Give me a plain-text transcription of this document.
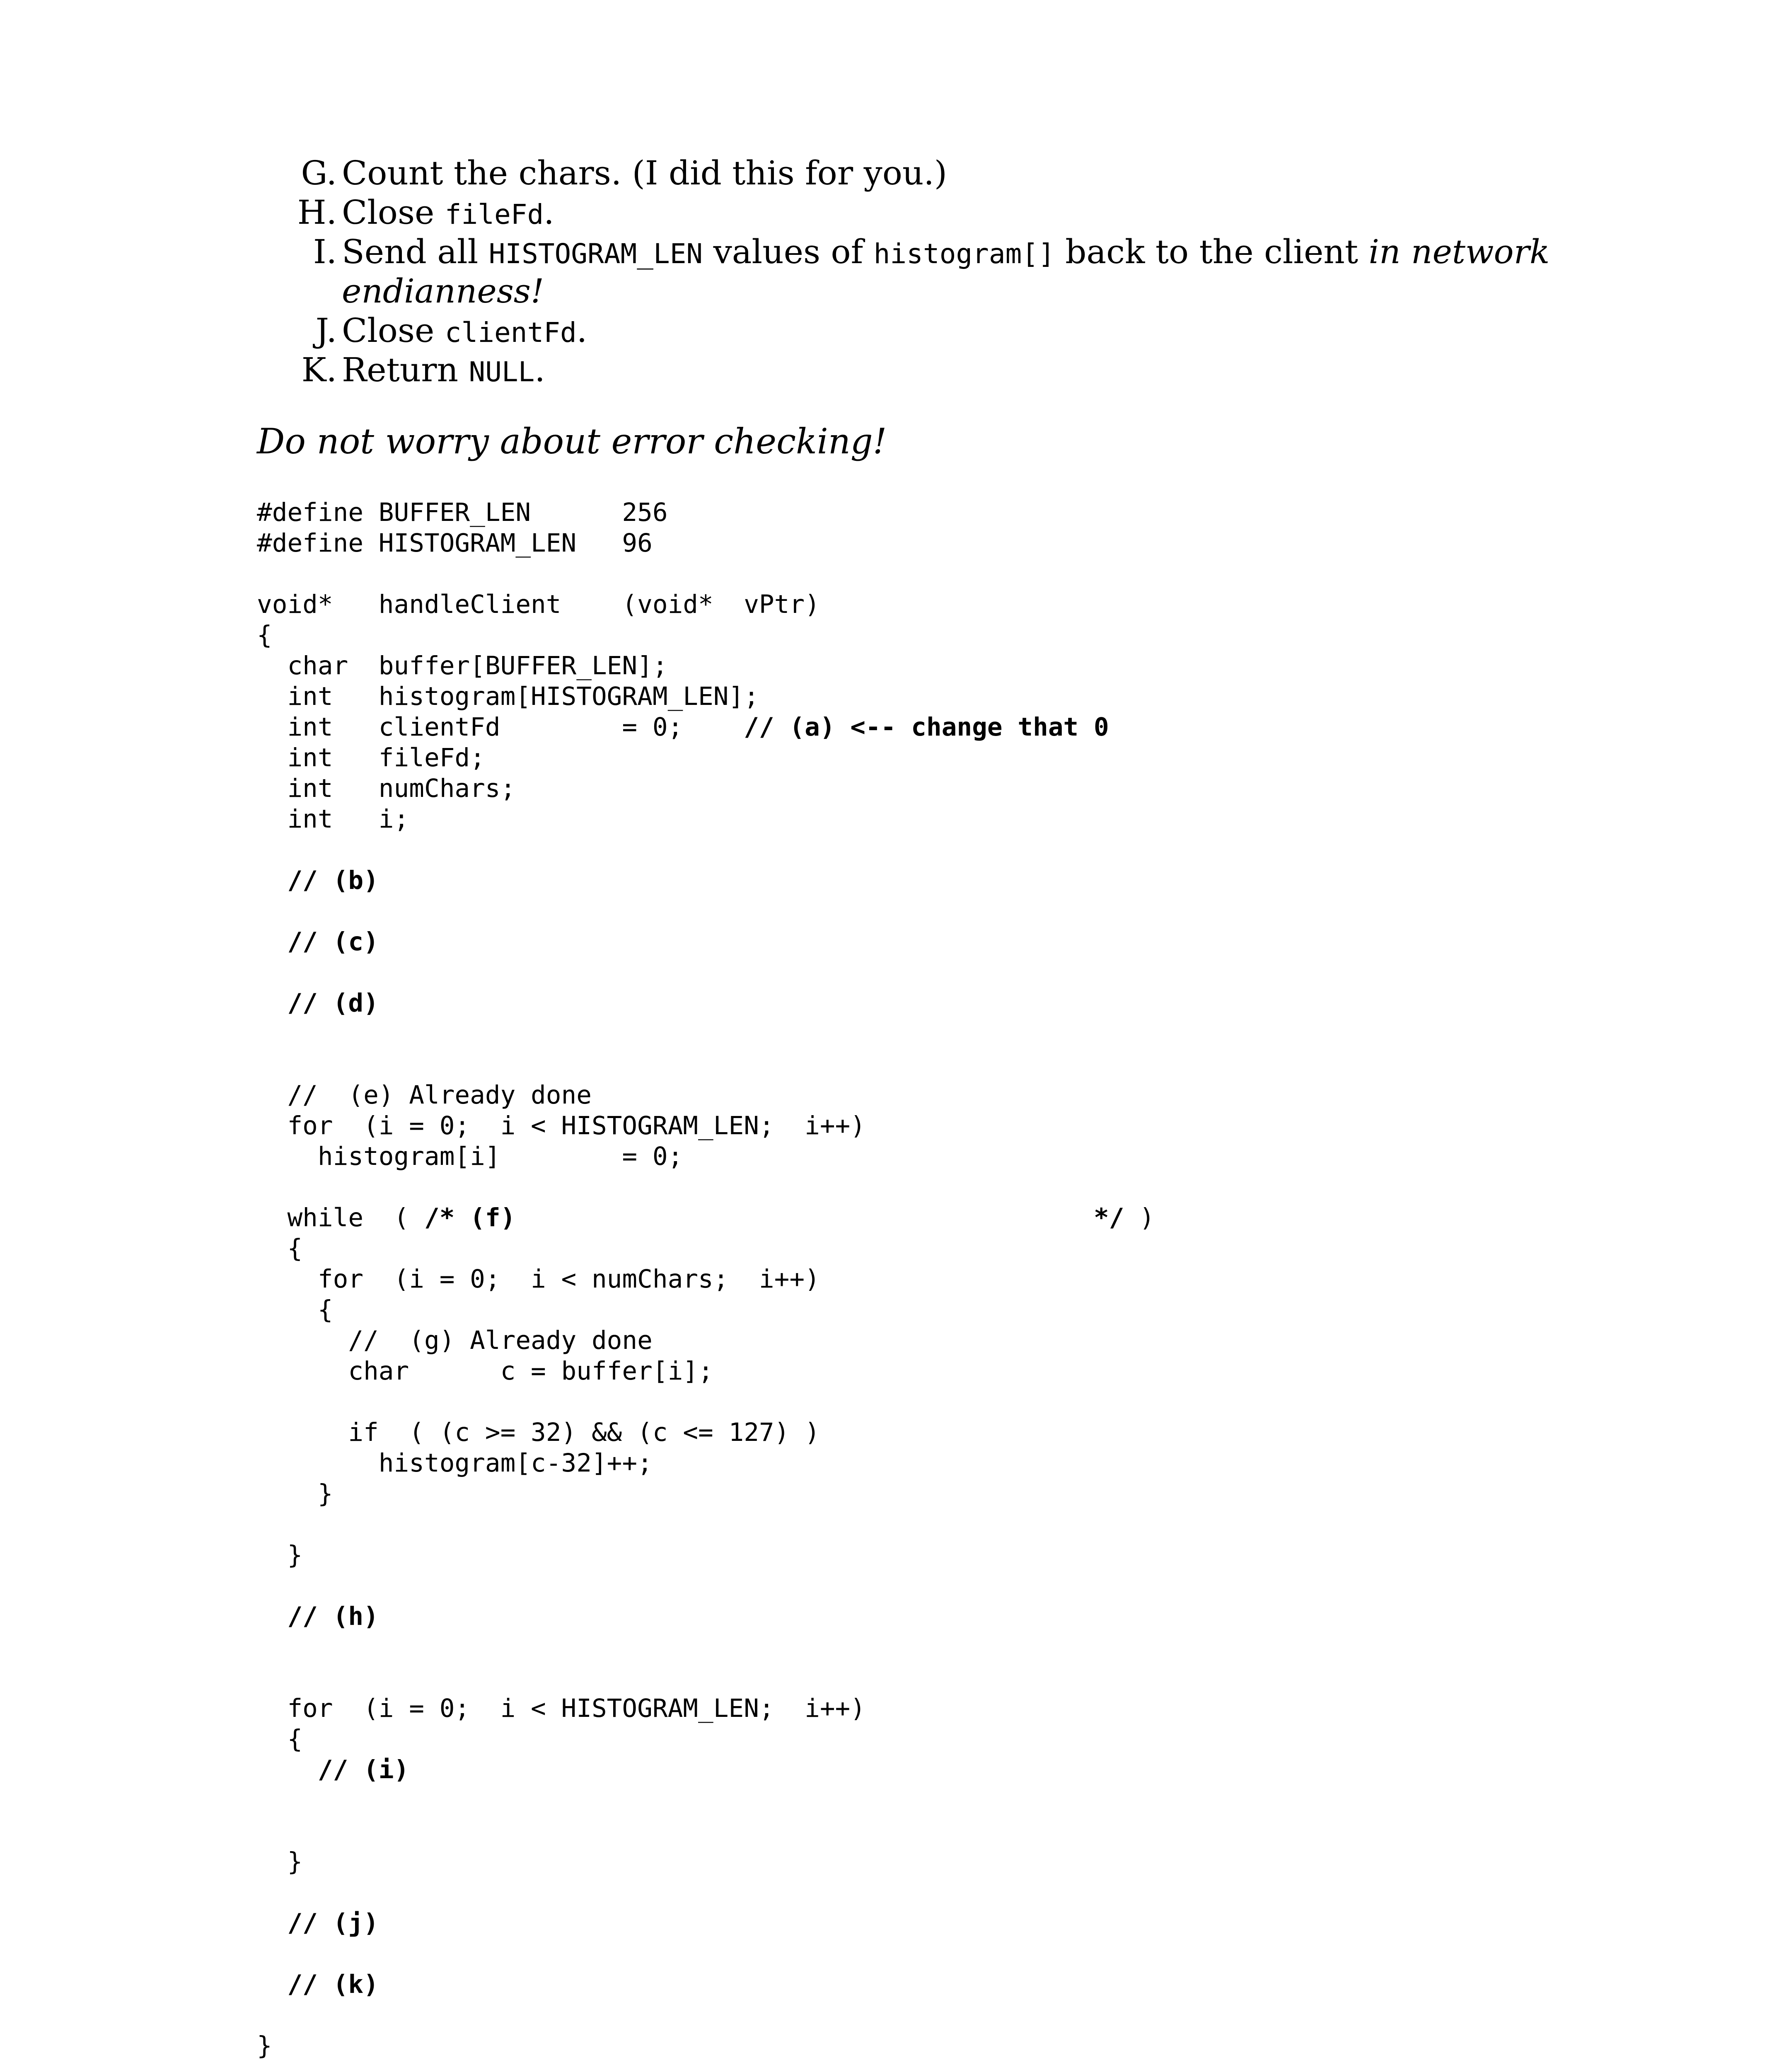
G. Count the chars. (I did this for you.)
H. Close fileFd.
I. Send all HISTOGRAM_LEN values of histogram[] back to the client in network
endianness!
J. Close clientFd.
K. Return NULL.
Do not worry about error checking!
#define BUFFER_LEN      256
#define HISTOGRAM_LEN   96

void*   handleClient    (void*  vPtr)
{
char  buffer[BUFFER_LEN];
int   histogram[HISTOGRAM_LEN];
int   clientFd        = 0;    // (a) <-- change that 0
int   fileFd;
int   numChars;
int   i;

// (b)

// (c)

// (d)

//  (e) Already done
for  (i = 0;  i < HISTOGRAM_LEN;  i++)
histogram[i]        = 0;

while  ( /* (f)	*/ )
{
for  (i = 0;  i < numChars;  i++)
{
//  (g) Already done
char      c = buffer[i];

if  ( (c >= 32) && (c <= 127) )
histogram[c-32]++;
}

}

// (h)

for  (i = 0;  i < HISTOGRAM_LEN;  i++)
{
// (i)

}

// (j)

// (k)

}
